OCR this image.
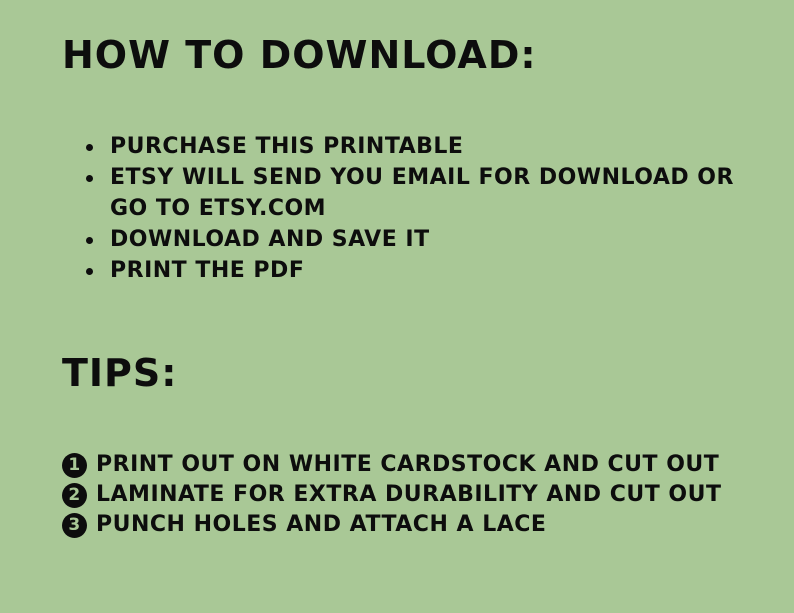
HOW TO DOWNLOAD:
PURCHASE THIS PRINTABLE
ETSY WILL SEND YOU EMAIL FOR DOWNLOAD OR GO TO ETSY.COM
DOWNLOAD AND SAVE IT
PRINT THE PDF
TIPS:
1 PRINT OUT ON WHITE CARDSTOCK AND CUT OUT
2 LAMINATE FOR EXTRA DURABILITY AND CUT OUT
3 PUNCH HOLES AND ATTACH A LACE
